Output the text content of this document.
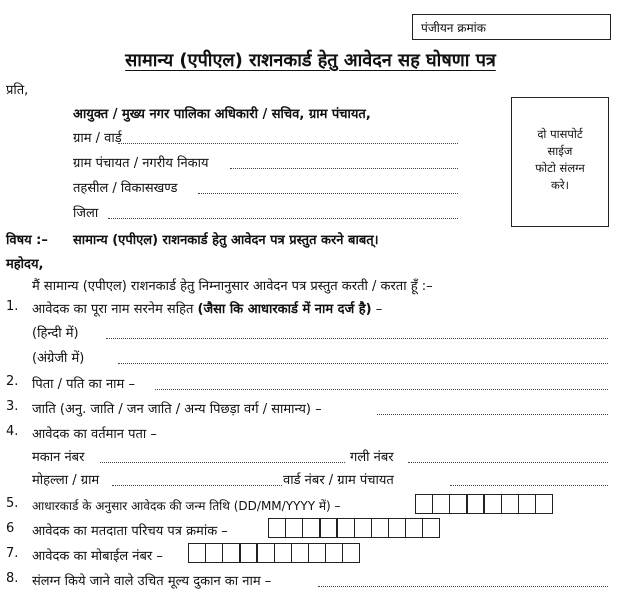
पंजीयन क्रमांक
सामान्य (एपीएल) राशनकार्ड हेतु आवेदन सह घोषणा पत्र
प्रति,
आयुक्त / मुख्य नगर पालिका अधिकारी / सचिव, ग्राम पंचायत,
ग्राम / वार्ड
ग्राम पंचायत / नगरीय निकाय
तहसील / विकासखण्ड
जिला
दो पासपोर्ट
साईज
फोटो संलग्न
करे।
विषय :– सामान्य (एपीएल) राशनकार्ड हेतु आवेदन पत्र प्रस्तुत करने बाबत्।
महोदय,
मैं सामान्य (एपीएल) राशनकार्ड हेतु निम्नानुसार आवेदन पत्र प्रस्तुत करती / करता हूँ :–
1. आवेदक का पूरा नाम सरनेम सहित (जैसा कि आधारकार्ड में नाम दर्ज है) –
(हिन्दी में)
(अंग्रेजी में)
2. पिता / पति का नाम –
3. जाति (अनु. जाति / जन जाति / अन्य पिछड़ा वर्ग / सामान्य) –
4. आवेदक का वर्तमान पता –
मकान नंबर	गली नंबर
मोहल्ला / ग्राम	वार्ड नंबर / ग्राम पंचायत
5. आधारकार्ड के अनुसार आवेदक की जन्म तिथि (DD/MM/YYYY में) –
6 आवेदक का मतदाता परिचय पत्र क्रमांक –
7. आवेदक का मोबाईल नंबर –
8. संलग्न किये जाने वाले उचित मूल्य दुकान का नाम –
